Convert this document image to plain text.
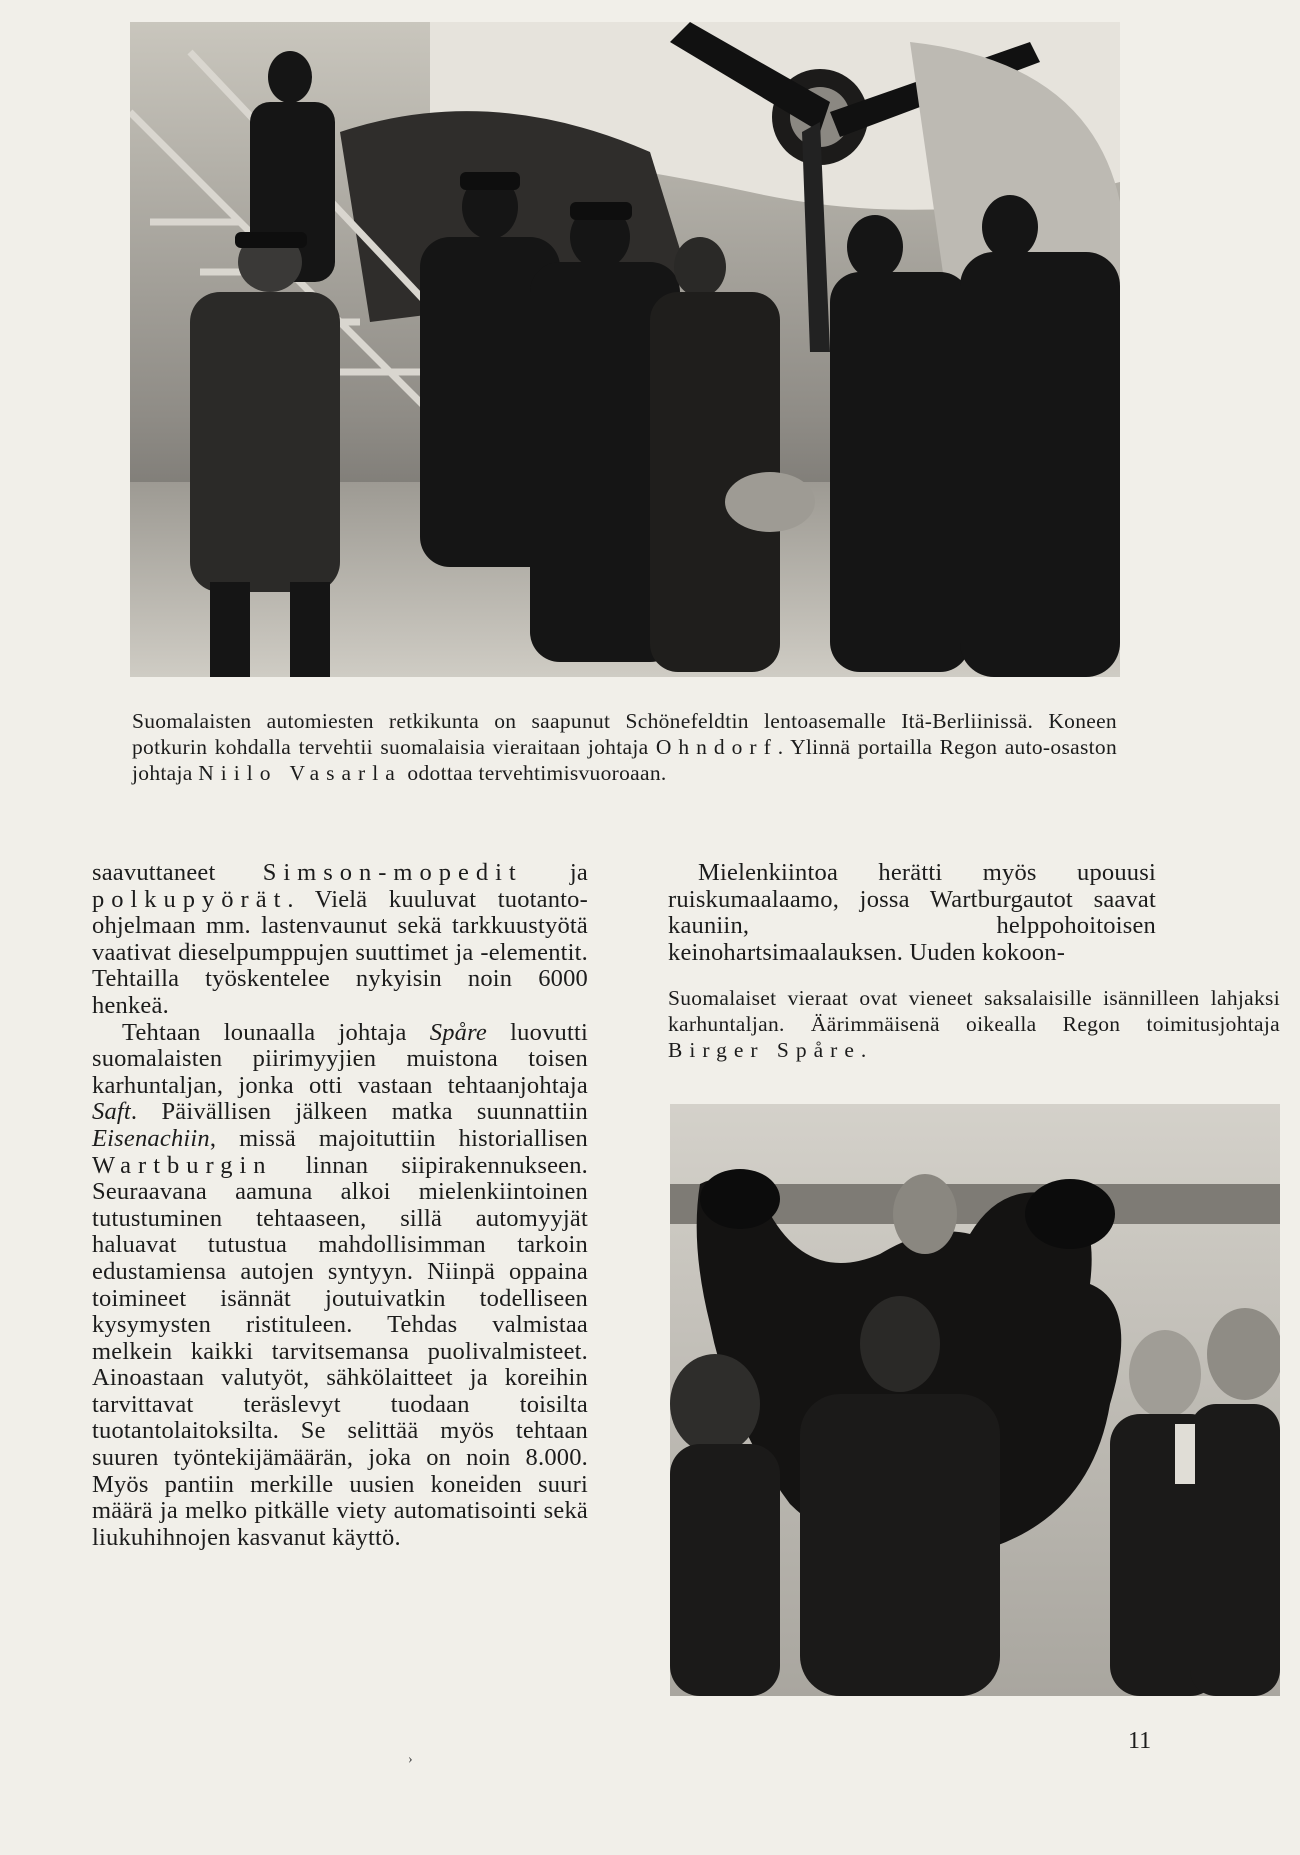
Suomalaisten automiesten retkikunta on saapunut Schönefeldtin lentoasemalle Itä-Berliinissä. Koneen potkurin kohdalla tervehtii suomalaisia vieraitaan johtaja Ohndorf. Ylinnä portailla Regon auto-osaston johtaja Niilo Vasarla odottaa tervehtimisvuoroaan.

saavuttaneet Simson-mopedit ja polkupyörät. Vielä kuuluvat tuotanto-ohjelmaan mm. lastenvaunut sekä tarkkuustyötä vaativat dieselpumppujen suuttimet ja -elementit. Tehtailla työskentelee nykyisin noin 6000 henkeä.

Tehtaan lounaalla johtaja Spåre luovutti suomalaisten piirimyyjien muistona toisen karhuntaljan, jonka otti vastaan tehtaanjohtaja Saft. Päivällisen jälkeen matka suunnattiin Eisenachiin, missä majoituttiin historiallisen Wartburgin linnan siipirakennukseen. Seuraavana aamuna alkoi mielenkiintoinen tutustuminen tehtaaseen, sillä automyyjät haluavat tutustua mahdollisimman tarkoin edustamiensa autojen syntyyn. Niinpä oppaina toimineet isännät joutuivatkin todelliseen kysymysten ristituleen. Tehdas valmistaa melkein kaikki tarvitsemansa puolivalmisteet. Ainoastaan valutyöt, sähkölaitteet ja koreihin tarvittavat teräslevyt tuodaan toisilta tuotantolaitoksilta. Se selittää myös tehtaan suuren työntekijämäärän, joka on noin 8.000. Myös pantiin merkille uusien koneiden suuri määrä ja melko pitkälle viety automatisointi sekä liukuhihnojen kasvanut käyttö.

Mielenkiintoa herätti myös upouusi ruiskumaalaamo, jossa Wartburgautot saavat kauniin, helppohoitoisen keinohartsimaalauksen. Uuden kokoon-

Suomalaiset vieraat ovat vieneet saksalaisille isännilleen lahjaksi karhuntaljan. Äärimmäisenä oikealla Regon toimitusjohtaja Birger Spåre.
11
›
